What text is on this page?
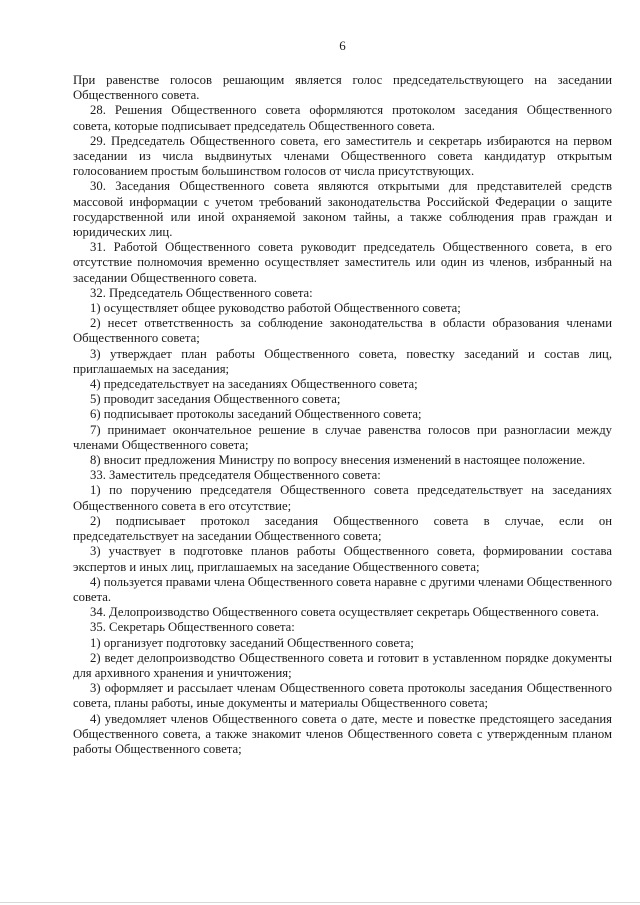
6

При равенстве голосов решающим является голос председательствующего на заседании Общественного совета.

28. Решения Общественного совета оформляются протоколом заседания Общественного совета, которые подписывает председатель Общественного совета.

29. Председатель Общественного совета, его заместитель и секретарь избираются на первом заседании из числа выдвинутых членами Общественного совета кандидатур открытым голосованием простым большинством голосов от числа присутствующих.

30. Заседания Общественного совета являются открытыми для представителей средств массовой информации с учетом требований законодательства Российской Федерации о защите государственной или иной охраняемой законом тайны, а также соблюдения прав граждан и юридических лиц.

31. Работой Общественного совета руководит председатель Общественного совета, в его отсутствие полномочия временно осуществляет заместитель или один из членов, избранный на заседании Общественного совета.

32. Председатель Общественного совета:

1) осуществляет общее руководство работой Общественного совета;

2) несет ответственность за соблюдение законодательства в области образования членами Общественного совета;

3) утверждает план работы Общественного совета, повестку заседаний и состав лиц, приглашаемых на заседания;

4) председательствует на заседаниях Общественного совета;

5) проводит заседания Общественного совета;

6) подписывает протоколы заседаний Общественного совета;

7) принимает окончательное решение в случае равенства голосов при разногласии между членами Общественного совета;

8) вносит предложения Министру по вопросу внесения изменений в настоящее положение.

33. Заместитель председателя Общественного совета:

1) по поручению председателя Общественного совета председательствует на заседаниях Общественного совета в его отсутствие;

2) подписывает протокол заседания Общественного совета в случае, если он председательствует на заседании Общественного совета;

3) участвует в подготовке планов работы Общественного совета, формировании состава экспертов и иных лиц, приглашаемых на заседание Общественного совета;

4) пользуется правами члена Общественного совета наравне с другими членами Общественного совета.

34. Делопроизводство Общественного совета осуществляет секретарь Общественного совета.

35. Секретарь Общественного совета:

1) организует подготовку заседаний Общественного совета;

2) ведет делопроизводство Общественного совета и готовит в уставленном порядке документы для архивного хранения и уничтожения;

3) оформляет и рассылает членам Общественного совета протоколы заседания Общественного совета, планы работы, иные документы и материалы Общественного совета;

4) уведомляет членов Общественного совета о дате, месте и повестке предстоящего заседания Общественного совета, а также знакомит членов Общественного совета с утвержденным планом работы Общественного совета;
